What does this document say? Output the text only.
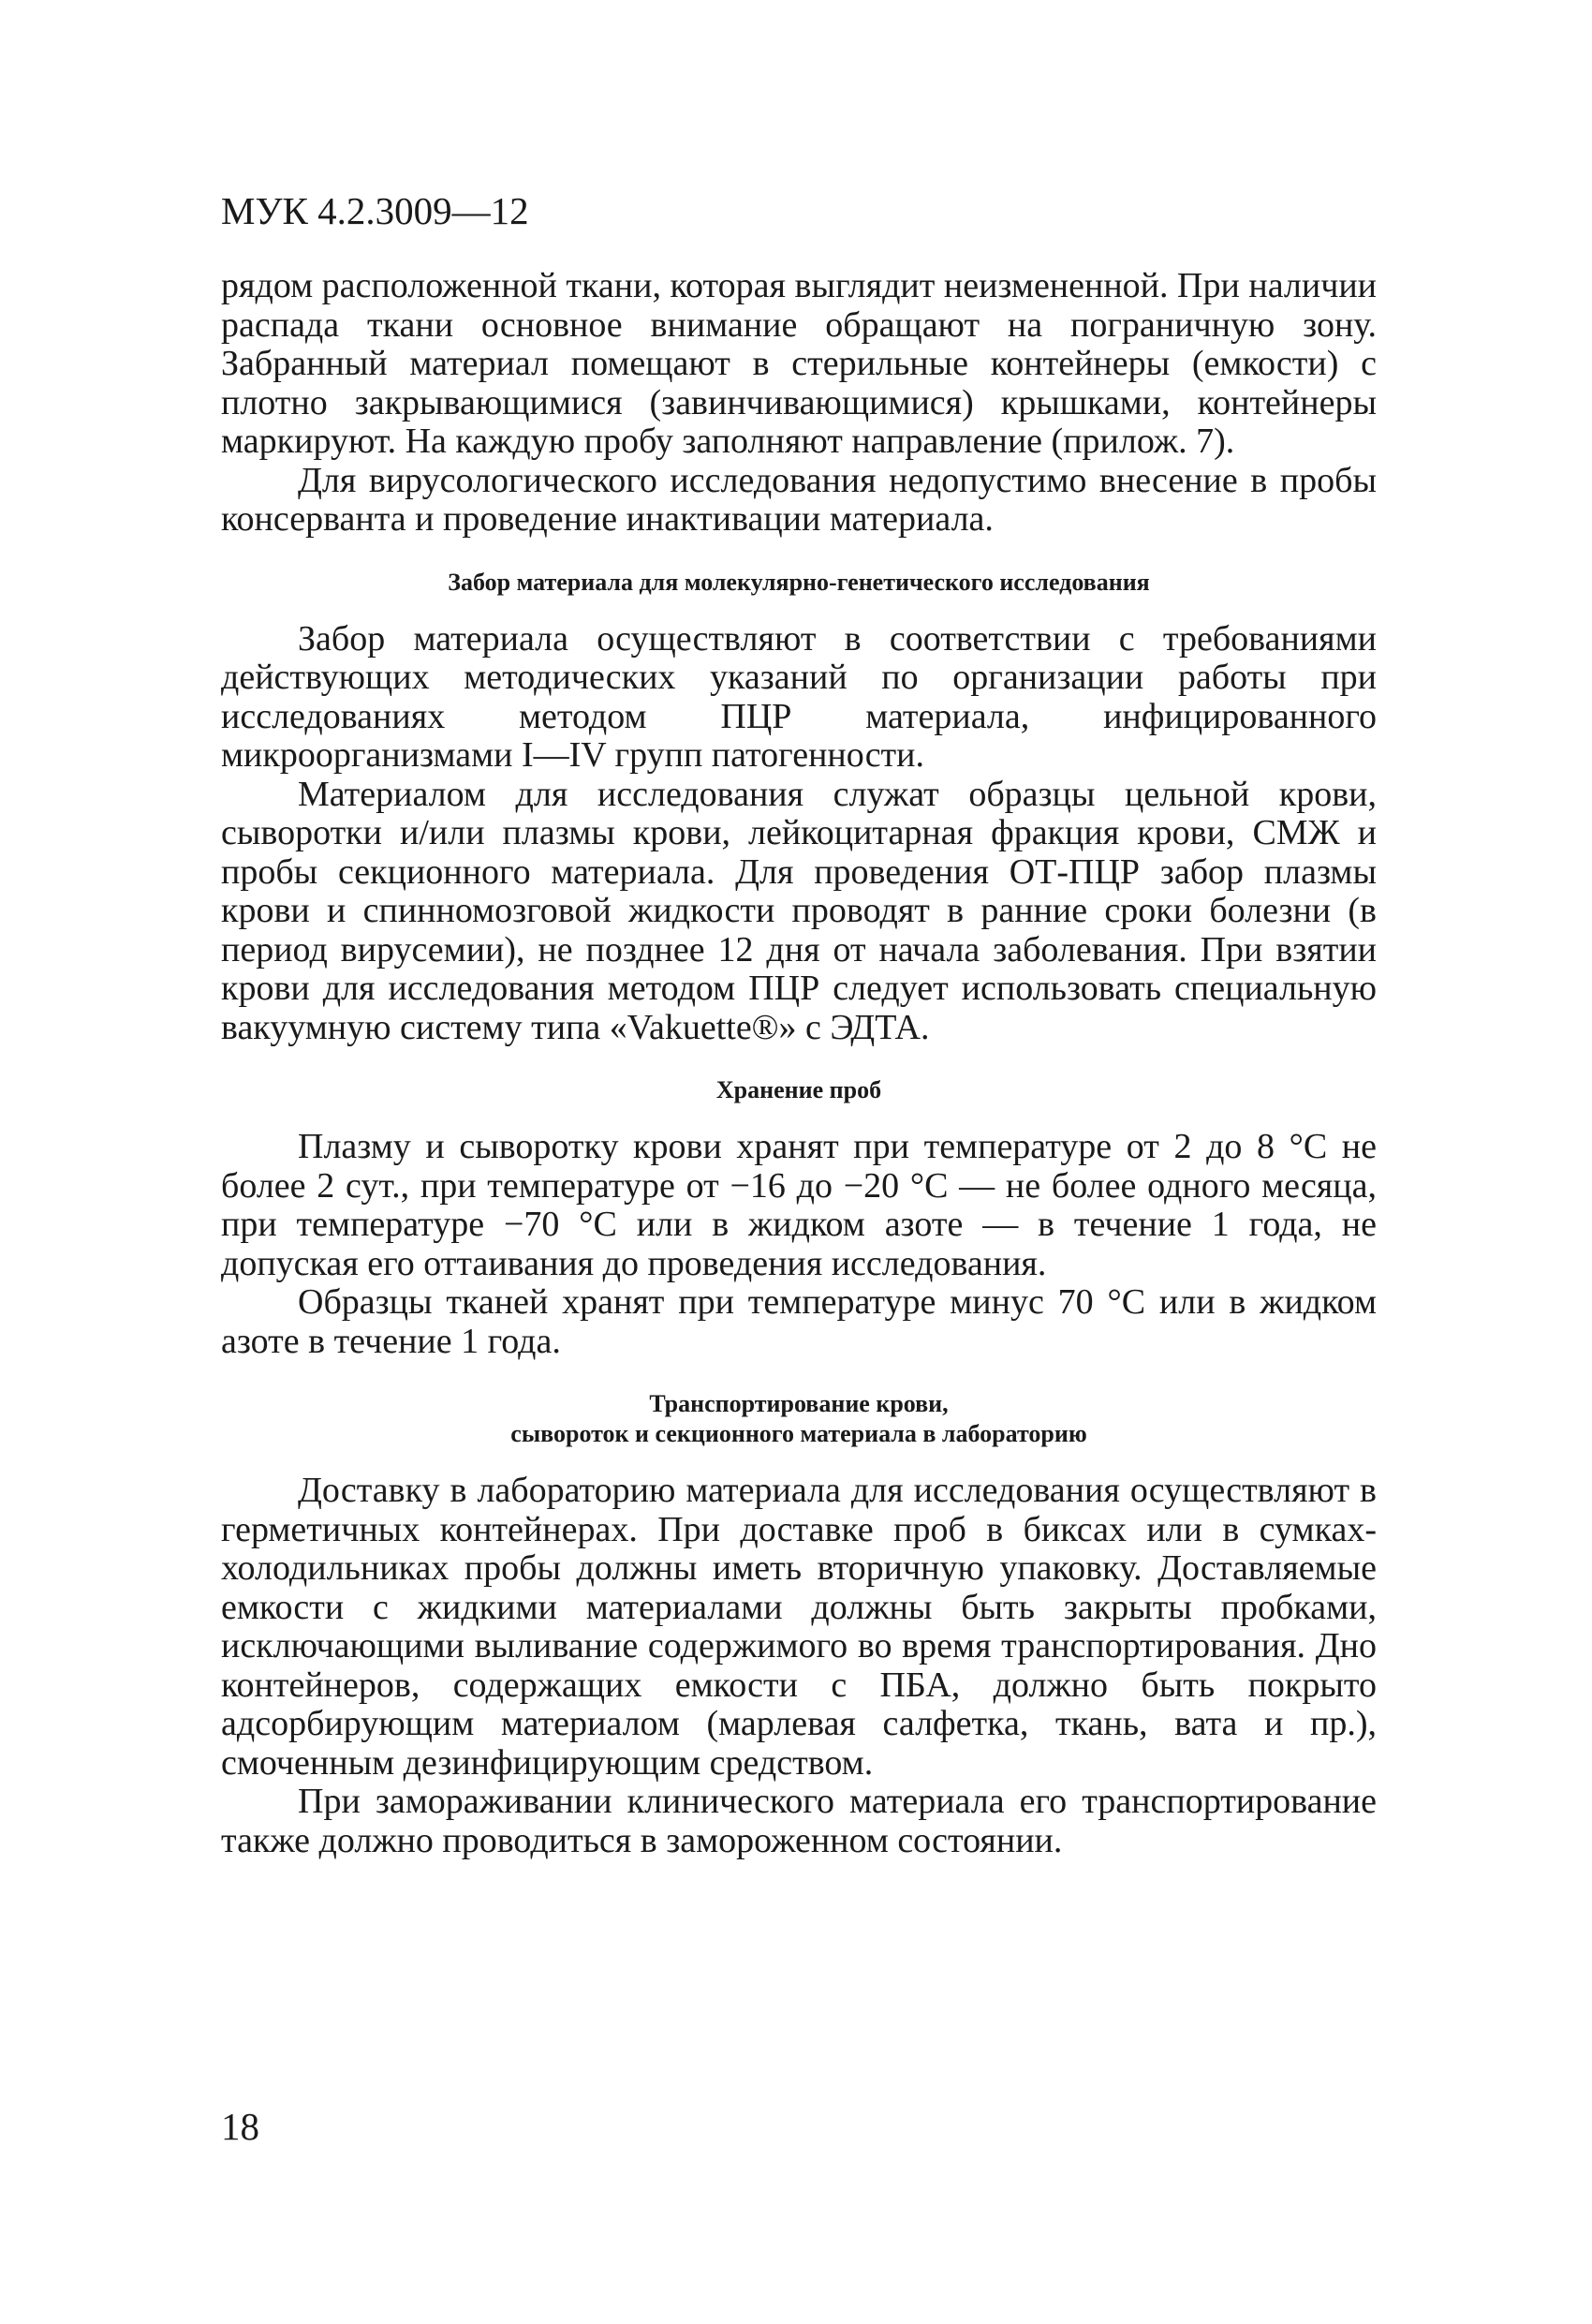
МУК 4.2.3009—12

рядом расположенной ткани, которая выглядит неизмененной. При наличии распада ткани основное внимание обращают на пограничную зону. Забранный материал помещают в стерильные контейнеры (емкости) с плотно закрывающимися (завинчивающимися) крышками, контейнеры маркируют. На каждую пробу заполняют направление (прилож. 7).

Для вирусологического исследования недопустимо внесение в пробы консерванта и проведение инактивации материала.

Забор материала для молекулярно-генетического исследования

Забор материала осуществляют в соответствии с требованиями действующих методических указаний по организации работы при исследованиях методом ПЦР материала, инфицированного микроорганизмами I—IV групп патогенности.

Материалом для исследования служат образцы цельной крови, сыворотки и/или плазмы крови, лейкоцитарная фракция крови, СМЖ и пробы секционного материала. Для проведения ОТ-ПЦР забор плазмы крови и спинномозговой жидкости проводят в ранние сроки болезни (в период вирусемии), не позднее 12 дня от начала заболевания. При взятии крови для исследования методом ПЦР следует использовать специальную вакуумную систему типа «Vakuette®» с ЭДТА.

Хранение проб

Плазму и сыворотку крови хранят при температуре от 2 до 8 °С не более 2 сут., при температуре от −16 до −20 °С — не более одного месяца, при температуре −70 °С или в жидком азоте — в течение 1 года, не допуская его оттаивания до проведения исследования.

Образцы тканей хранят при температуре минус 70 °С или в жидком азоте в течение 1 года.

Транспортирование крови,
сывороток и секционного материала в лабораторию

Доставку в лабораторию материала для исследования осуществляют в герметичных контейнерах. При доставке проб в биксах или в сумках-холодильниках пробы должны иметь вторичную упаковку. Доставляемые емкости с жидкими материалами должны быть закрыты пробками, исключающими выливание содержимого во время транспортирования. Дно контейнеров, содержащих емкости с ПБА, должно быть покрыто адсорбирующим материалом (марлевая салфетка, ткань, вата и пр.), смоченным дезинфицирующим средством.

При замораживании клинического материала его транспортирование также должно проводиться в замороженном состоянии.

18
